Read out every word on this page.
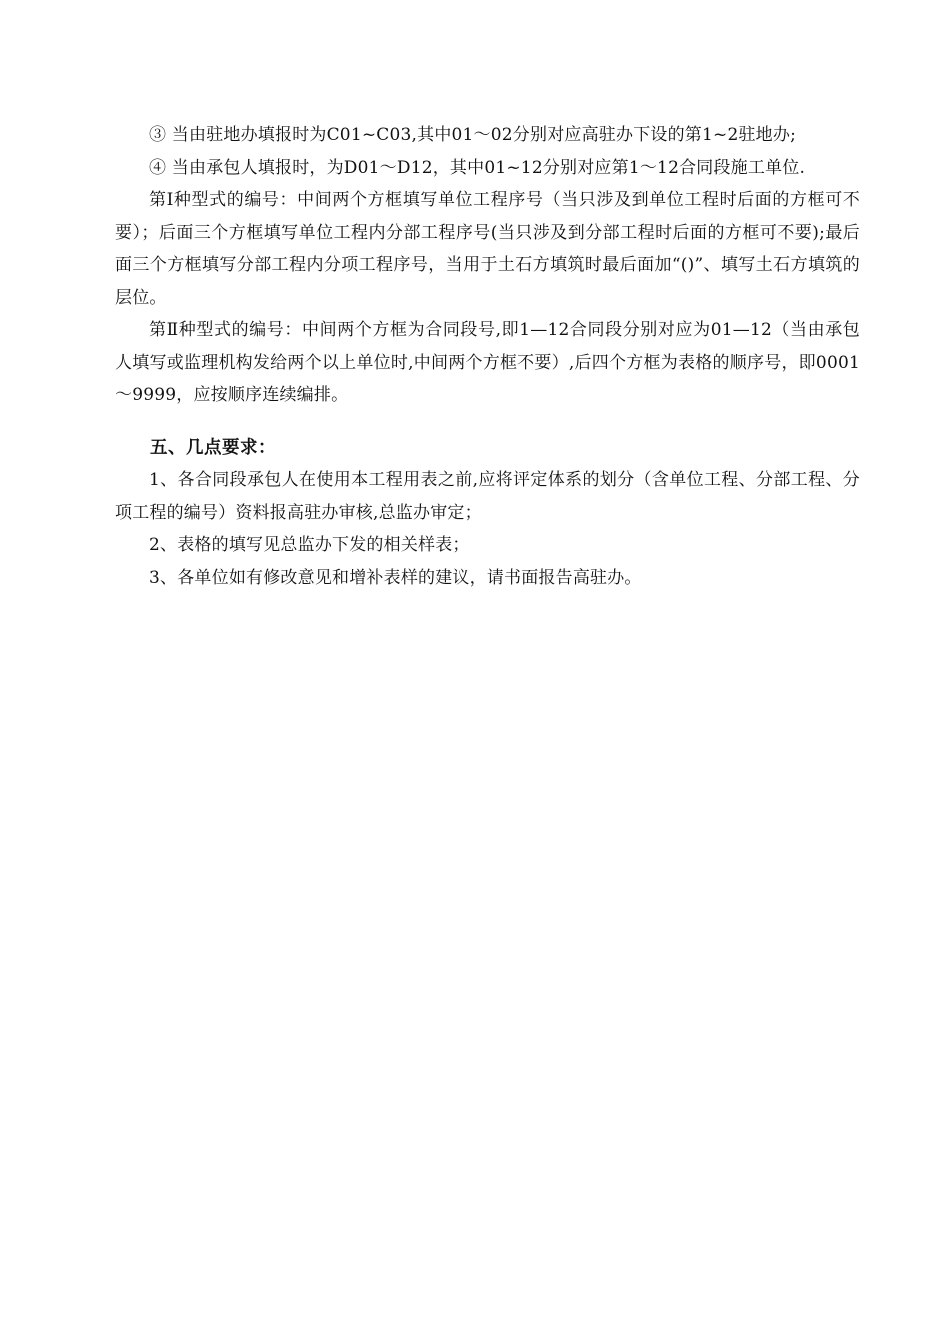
③ 当由驻地办填报时为C01~C03,其中01～02分别对应高驻办下设的第1~2驻地办;

④ 当由承包人填报时，为D01～D12，其中01~12分别对应第1～12合同段施工单位.

第Ⅰ种型式的编号：中间两个方框填写单位工程序号（当只涉及到单位工程时后面的方框可不要）；后面三个方框填写单位工程内分部工程序号(当只涉及到分部工程时后面的方框可不要);最后面三个方框填写分部工程内分项工程序号，当用于土石方填筑时最后面加“()”、填写土石方填筑的层位。

第Ⅱ种型式的编号：中间两个方框为合同段号,即1—12合同段分别对应为01—12（当由承包人填写或监理机构发给两个以上单位时,中间两个方框不要）,后四个方框为表格的顺序号，即0001～9999，应按顺序连续编排。

五、几点要求：

1、各合同段承包人在使用本工程用表之前,应将评定体系的划分（含单位工程、分部工程、分项工程的编号）资料报高驻办审核,总监办审定；

2、表格的填写见总监办下发的相关样表；

3、各单位如有修改意见和增补表样的建议，请书面报告高驻办。
